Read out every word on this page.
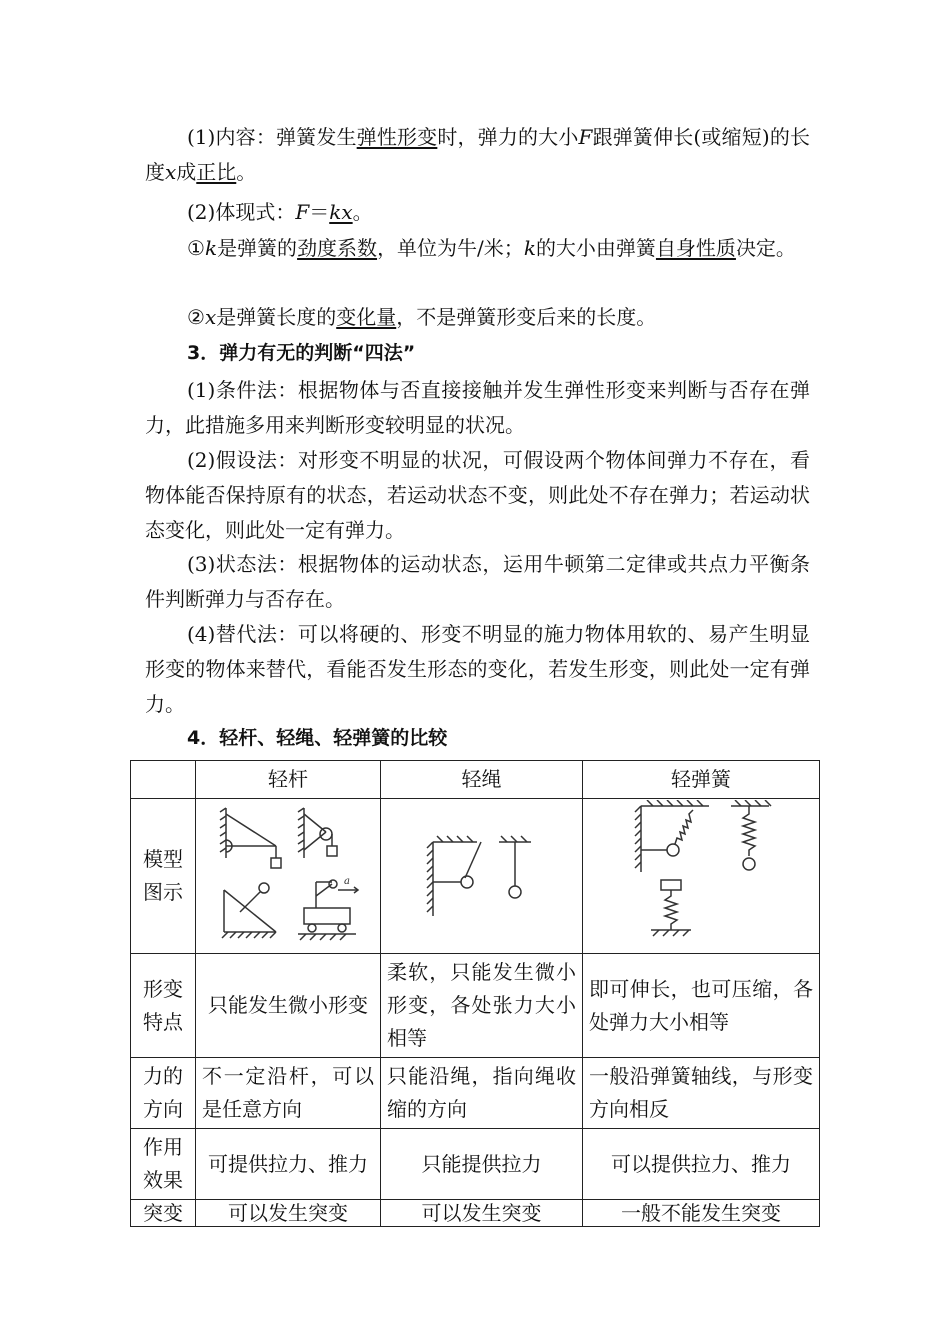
(1)内容：弹簧发生弹性形变时，弹力的大小F跟弹簧伸长(或缩短)的长度x成正比。
(2)体现式：F＝kx。
①k是弹簧的劲度系数，单位为牛/米；k的大小由弹簧自身性质决定。
②x是弹簧长度的变化量，不是弹簧形变后来的长度。
3．弹力有无的判断“四法”
(1)条件法：根据物体与否直接接触并发生弹性形变来判断与否存在弹力，此措施多用来判断形变较明显的状况。
(2)假设法：对形变不明显的状况，可假设两个物体间弹力不存在，看物体能否保持原有的状态，若运动状态不变，则此处不存在弹力；若运动状态变化，则此处一定有弹力。
(3)状态法：根据物体的运动状态，运用牛顿第二定律或共点力平衡条件判断弹力与否存在。
(4)替代法：可以将硬的、形变不明显的施力物体用软的、易产生明显形变的物体来替代，看能否发生形态的变化，若发生形变，则此处一定有弹力。
4．轻杆、轻绳、轻弹簧的比较
	轻杆	轻绳	轻弹簧
模型图示	a

形变特点	只能发生微小形变	柔软，只能发生微小形变，各处张力大小相等	即可伸长，也可压缩，各处弹力大小相等
力的方向	不一定沿杆，可以是任意方向	只能沿绳，指向绳收缩的方向	一般沿弹簧轴线，与形变方向相反
作用效果	可提供拉力、推力	只能提供拉力	可以提供拉力、推力
突变	可以发生突变	可以发生突变	一般不能发生突变
